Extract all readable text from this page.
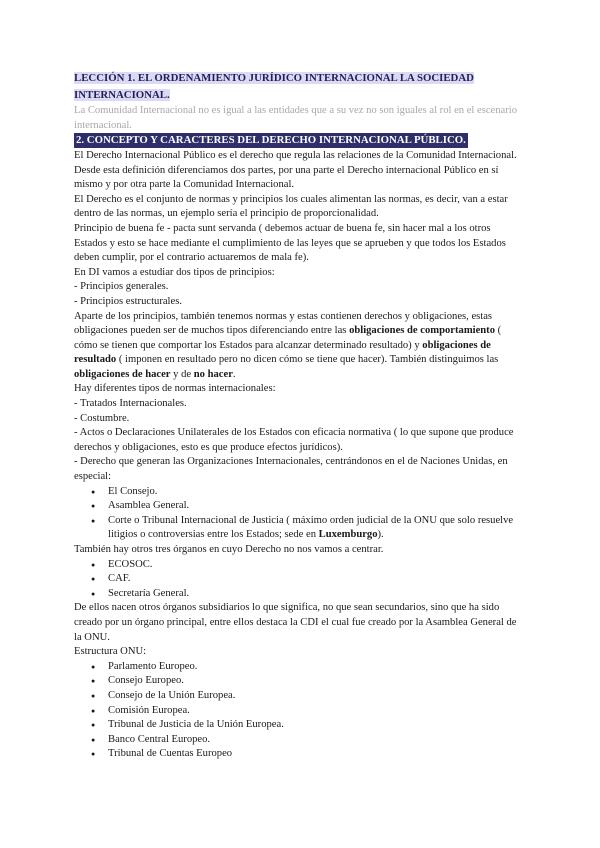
LECCIÓN 1. EL ORDENAMIENTO JURÍDICO INTERNACIONAL LA SOCIEDAD INTERNACIONAL.

La Comunidad Internacional no es igual a las entidades que a su vez no son iguales al rol en el escenario internacional.

2. CONCEPTO Y CARACTERES DEL DERECHO INTERNACIONAL PÚBLICO.

El Derecho Internacional Público es el derecho que regula las relaciones de la Comunidad Internacional.

Desde esta definición diferenciamos dos partes, por una parte el Derecho internacional Público en sí mismo y por otra parte la Comunidad Internacional.

El Derecho es el conjunto de normas y principios los cuales alimentan las normas, es decir, van a estar dentro de las normas, un ejemplo sería el principio de proporcionalidad.

Principio de buena fe - pacta sunt servanda ( debemos actuar de buena fe, sin hacer mal a los otros Estados y esto se hace mediante el cumplimiento de las leyes que se aprueben y que todos los Estados deben cumplir, por el contrario actuaremos de mala fe).

En DI vamos a estudiar dos tipos de principios:

- Principios generales.

- Principios estructurales.

Aparte de los principios, también tenemos normas y estas contienen derechos y obligaciones, estas obligaciones pueden ser de muchos tipos diferenciando entre las obligaciones de comportamiento ( cómo se tienen que comportar los Estados para alcanzar determinado resultado) y obligaciones de resultado ( imponen en resultado pero no dicen cómo se tiene que hacer). También distinguimos las obligaciones de hacer y de no hacer.

Hay diferentes tipos de normas internacionales:

- Tratados Internacionales.

- Costumbre.

- Actos o Declaraciones Unilaterales de los Estados con eficacia normativa ( lo que supone que produce derechos y obligaciones, esto es que produce efectos jurídicos).

- Derecho que generan las Organizaciones Internacionales, centrándonos en el de Naciones Unidas, en especial:

● El Consejo.
● Asamblea General.
● Corte o Tribunal Internacional de Justicia ( máximo orden judicial de la ONU que solo resuelve litigios o controversias entre los Estados; sede en Luxemburgo).

También hay otros tres órganos en cuyo Derecho no nos vamos a centrar.

● ECOSOC.
● CAF.
● Secretaría General.

De ellos nacen otros órganos subsidiarios lo que significa, no que sean secundarios, sino que ha sido creado por un órgano principal, entre ellos destaca la CDI el cual fue creado por la Asamblea General de la ONU.

Estructura ONU:

● Parlamento Europeo.
● Consejo Europeo.
● Consejo de la Unión Europea.
● Comisión Europea.
● Tribunal de Justicia de la Unión Europea.
● Banco Central Europeo.
● Tribunal de Cuentas Europeo
